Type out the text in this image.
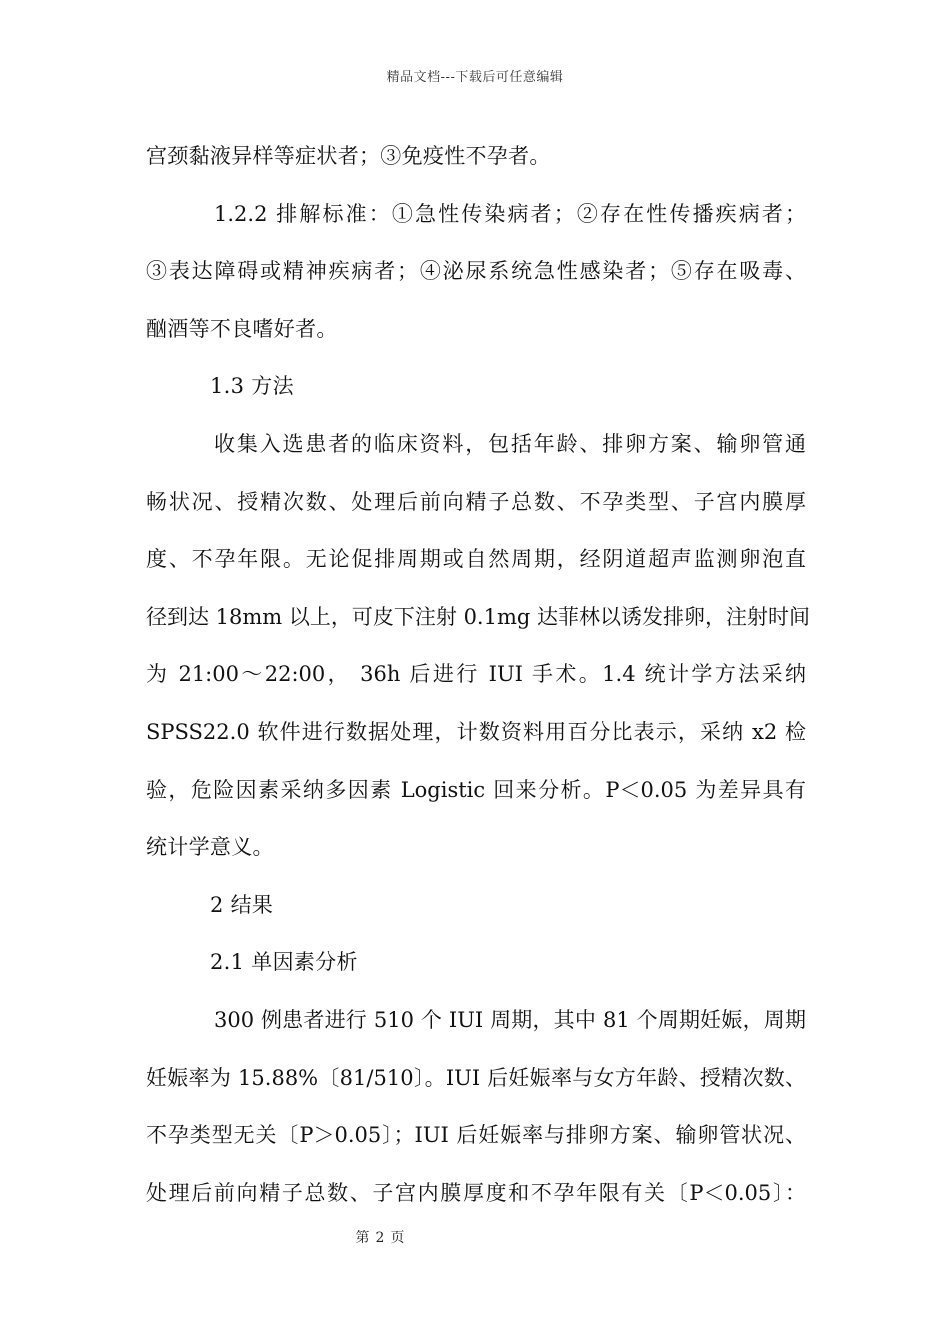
精品文档---下载后可任意编辑
宫颈黏液异样等症状者；③免疫性不孕者。
1.2.2 排解标准：①急性传染病者；②存在性传播疾病者；
③表达障碍或精神疾病者；④泌尿系统急性感染者；⑤存在吸毒、
酗酒等不良嗜好者。
1.3 方法
收集入选患者的临床资料，包括年龄、排卵方案、输卵管通
畅状况、授精次数、处理后前向精子总数、不孕类型、子宫内膜厚
度、不孕年限。无论促排周期或自然周期，经阴道超声监测卵泡直
径到达 18mm 以上，可皮下注射 0.1mg 达菲林以诱发排卵，注射时间
为 21:00～22:00， 36h 后进行 IUI 手术。1.4 统计学方法采纳
SPSS22.0 软件进行数据处理，计数资料用百分比表示，采纳 x2 检
验，危险因素采纳多因素 Logistic 回来分析。P＜0.05 为差异具有
统计学意义。
2 结果
2.1 单因素分析
300 例患者进行 510 个 IUI 周期，其中 81 个周期妊娠，周期
妊娠率为 15.88%〔81/510〕。IUI 后妊娠率与女方年龄、授精次数、
不孕类型无关〔P＞0.05〕；IUI 后妊娠率与排卵方案、输卵管状况、
处理后前向精子总数、子宫内膜厚度和不孕年限有关〔P＜0.05〕：
第 2 页
